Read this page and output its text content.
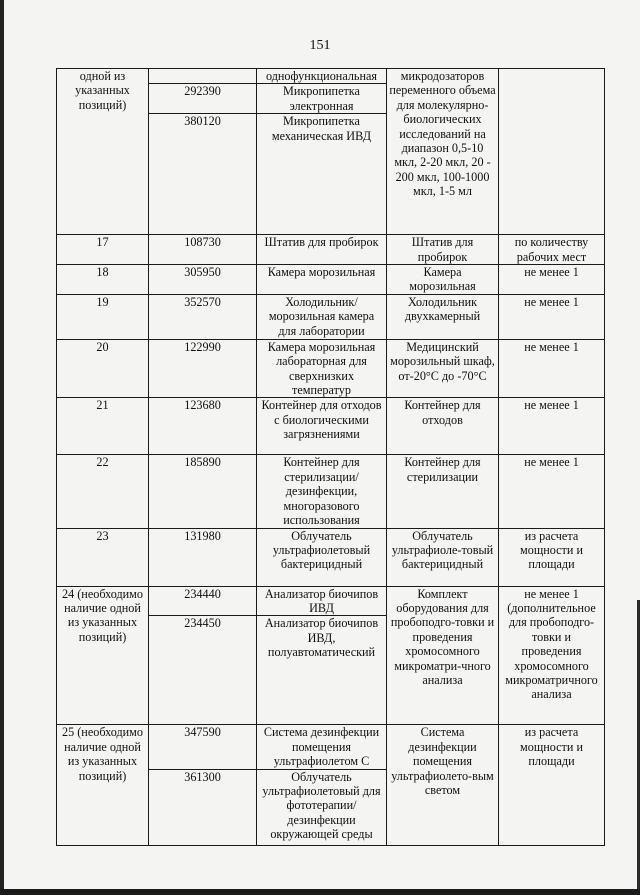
151
одной из указанных позиций)		однофункциональная	микродозаторов переменного объема для молекулярно-биологических исследований на диапазон 0,5-10 мкл, 2-20 мкл, 20 - 200 мкл, 100-1000 мкл, 1-5 мл	
	292390	Микропипетка электронная		
	380120	Микропипетка механическая ИВД		
17	108730	Штатив для пробирок	Штатив для пробирок	по количеству рабочих мест
18	305950	Камера морозильная	Камера морозильная	не менее 1
19	352570	Холодильник/ морозильная камера для лаборатории	Холодильник двухкамерный	не менее 1
20	122990	Камера морозильная лабораторная для сверхнизких температур	Медицинский морозильный шкаф, от-20°С до -70°С	не менее 1
21	123680	Контейнер для отходов с биологическими загрязнениями	Контейнер для отходов	не менее 1
22	185890	Контейнер для стерилизации/ дезинфекции, многоразового использования	Контейнер для стерилизации	не менее 1
23	131980	Облучатель ультрафиолетовый бактерицидный	Облучатель ультрафиоле-товый бактерицидный	из расчета мощности и площади
24 (необходимо наличие одной из указанных позиций)	234440	Анализатор биочипов ИВД	Комплект оборудования для пробоподго-товки и проведения хромосомного микроматри-чного анализа	не менее 1 (дополнительное для пробоподго-товки и проведения хромосомного микроматричного анализа
	234450	Анализатор биочипов ИВД, полуавтоматический		
25 (необходимо наличие одной из указанных позиций)	347590	Система дезинфекции помещения ультрафиолетом С	Система дезинфекции помещения ультрафиолето-вым светом	из расчета мощности и площади
	361300	Облучатель ультрафиолетовый для фототерапии/ дезинфекции окружающей среды		
